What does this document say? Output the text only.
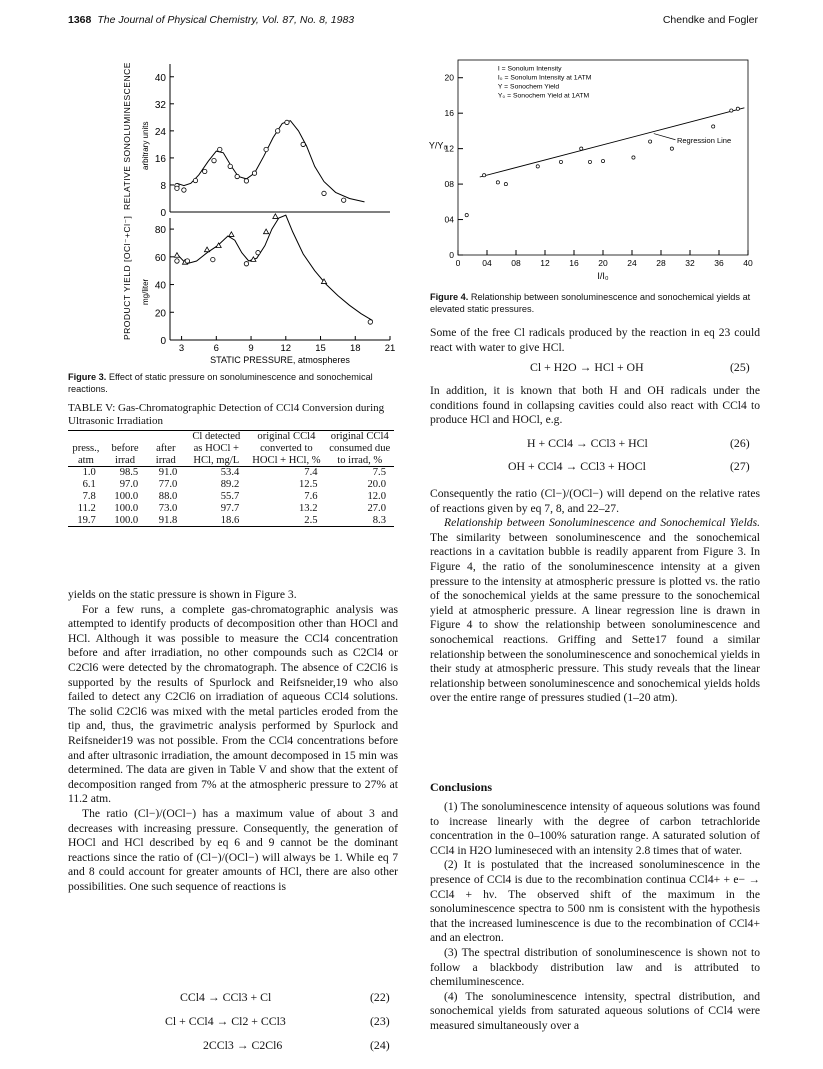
1368 The Journal of Physical Chemistry, Vol. 87, No. 8, 1983	Chendke and Fogler
0
8
16
24
32
40
RELATIVE SONOLUMINESCENCE arbitrary units
0
20
40
60
80
3	6	9	12	15	18	21
STATIC PRESSURE, atmospheres
PRODUCT YIELD [OCl⁻+Cl⁻] mg/liter
Figure 3. Effect of static pressure on sonoluminescence and sonochemical reactions.
TABLE V: Gas-Chromatographic Detection of CCl4 Conversion during Ultrasonic Irradiation
press., atm	before irrad	after irrad	Cl detected as HOCl + HCl, mg/L	original CCl4 converted to HOCl + HCl, %	original CCl4 consumed due to irrad, %
1.0	98.5	91.0	53.4	7.4	7.5
6.1	97.0	77.0	89.2	12.5	20.0
7.8	100.0	88.0	55.7	7.6	12.0
11.2	100.0	73.0	97.7	13.2	27.0
19.7	100.0	91.8	18.6	2.5	8.3

yields on the static pressure is shown in Figure 3.

For a few runs, a complete gas-chromatographic analysis was attempted to identify products of decomposition other than HOCl and HCl. Although it was possible to measure the CCl4 concentration before and after irradiation, no other compounds such as C2Cl4 or C2Cl6 were detected by the chromatograph. The absence of C2Cl6 is supported by the results of Spurlock and Reifsneider,19 who also failed to detect any C2Cl6 on irradiation of aqueous CCl4 solutions. The solid C2Cl6 was mixed with the metal particles eroded from the tip and, thus, the gravimetric analysis performed by Spurlock and Reifsneider19 was not possible. From the CCl4 concentrations before and after ultrasonic irradiation, the amount decomposed in 15 min was determined. The data are given in Table V and show that the extent of decomposition ranged from 7% at the atmospheric pressure to 27% at 11.2 atm.

The ratio (Cl−)/(OCl−) has a maximum value of about 3 and decreases with increasing pressure. Consequently, the generation of HOCl and HCl described by eq 6 and 9 cannot be the dominant reactions since the ratio of (Cl−)/(OCl−) will always be 1. While eq 7 and 8 could account for greater amounts of HCl, there are also other possibilities. One such sequence of reactions is

CCl4 → CCl3 + Cl	(22)
Cl + CCl4 → Cl2 + CCl3	(23)
2CCl3 → C2Cl6	(24)
0	04 08 12 16 20 24 28 32 36 40
0
04
08
12
16
20
I/I₀
Y/Y₀
I = Sonolum Intensity
I₀ = Sonolum Intensity at 1ATM
Y = Sonochem Yield
Y₀ = Sonochem Yield at 1ATM
Regression Line
Figure 4. Relationship between sonoluminescence and sonochemical yields at elevated static pressures.
Some of the free Cl radicals produced by the reaction in eq 23 could react with water to give HCl.
Cl + H2O → HCl + OH	(25)
In addition, it is known that both H and OH radicals under the conditions found in collapsing cavities could also react with CCl4 to produce HCl and HOCl, e.g.
H + CCl4 → CCl3 + HCl	(26)
OH + CCl4 → CCl3 + HOCl	(27)

Consequently the ratio (Cl−)/(OCl−) will depend on the relative rates of reactions given by eq 7, 8, and 22–27.

Relationship between Sonoluminescence and Sonochemical Yields. The similarity between sonoluminescence and the sonochemical reactions in a cavitation bubble is readily apparent from Figure 3. In Figure 4, the ratio of the sonoluminescence intensity at a given pressure to the intensity at atmospheric pressure is plotted vs. the ratio of the sonochemical yields at the same pressure to the sonochemical yield at atmospheric pressure. A linear regression line is drawn in Figure 4 to show the relationship between sonoluminescence and sonochemical reactions. Griffing and Sette17 found a similar relationship between the sonoluminescence and sonochemical yields in their study at atmospheric pressure. This study reveals that the linear relationship between sonoluminescence and sonochemical yields holds over the entire range of pressures studied (1–20 atm).

Conclusions

(1) The sonoluminescence intensity of aqueous solutions was found to increase linearly with the degree of carbon tetrachloride concentration in the 0–100% saturation range. A saturated solution of CCl4 in H2O lumineseced with an intensity 2.8 times that of water.

(2) It is postulated that the increased sonoluminescence in the presence of CCl4 is due to the recombination continua CCl4+ + e− → CCl4 + hν. The observed shift of the maximum in the sonoluminescence spectra to 500 nm is consistent with the hypothesis that the increased luminescence is due to the recombination of CCl4+ and an electron.

(3) The spectral distribution of sonoluminescence is shown not to follow a blackbody distribution law and is attributed to chemiluminescence.

(4) The sonoluminescence intensity, spectral distribution, and sonochemical yields from saturated aqueous solutions of CCl4 were measured simultaneously over a
